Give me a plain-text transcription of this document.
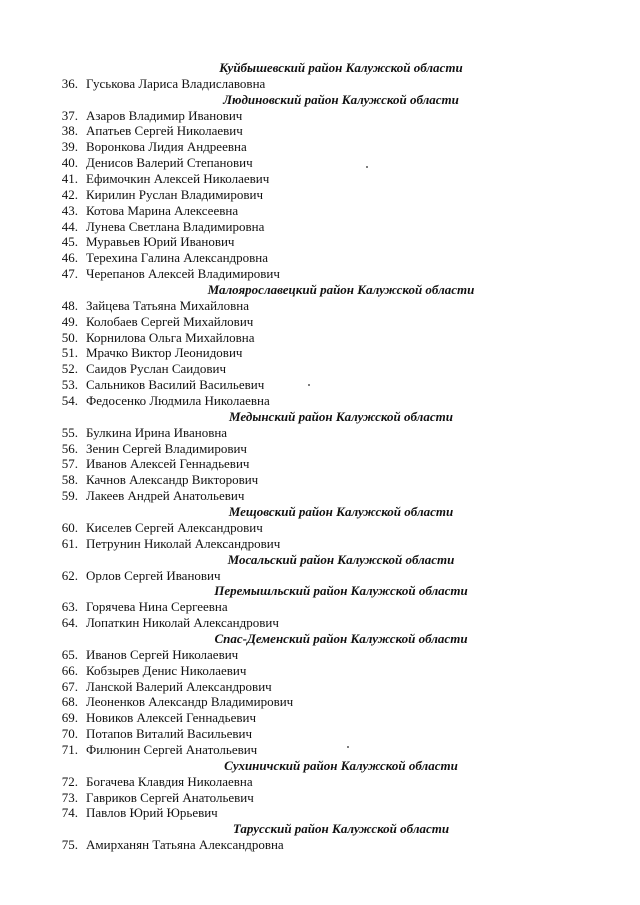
Куйбышевский район Калужской области
36. Гуськова Лариса Владиславовна
Людиновский район Калужской области
37. Азаров Владимир Иванович
38. Апатьев Сергей Николаевич
39. Воронкова Лидия Андреевна
40. Денисов Валерий Степанович
41. Ефимочкин Алексей Николаевич
42. Кирилин Руслан Владимирович
43. Котова Марина Алексеевна
44. Лунева Светлана Владимировна
45. Муравьев Юрий Иванович
46. Терехина Галина Александровна
47. Черепанов Алексей Владимирович
Малоярославецкий район Калужской области
48. Зайцева Татьяна Михайловна
49. Колобаев Сергей Михайлович
50. Корнилова Ольга Михайловна
51. Мрачко Виктор Леонидович
52. Саидов Руслан Саидович
53. Сальников Василий Васильевич
54. Федосенко Людмила Николаевна
Медынский район Калужской области
55. Булкина Ирина Ивановна
56. Зенин Сергей Владимирович
57. Иванов Алексей Геннадьевич
58. Качнов Александр Викторович
59. Лакеев Андрей Анатольевич
Мещовский район Калужской области
60. Киселев Сергей Александрович
61. Петрунин Николай Александрович
Мосальский район Калужской области
62. Орлов Сергей Иванович
Перемышльский район Калужской области
63. Горячева Нина Сергеевна
64. Лопаткин Николай Александрович
Спас-Деменский район Калужской области
65. Иванов Сергей Николаевич
66. Кобзырев Денис Николаевич
67. Ланской Валерий Александрович
68. Леоненков Александр Владимирович
69. Новиков Алексей Геннадьевич
70. Потапов Виталий Васильевич
71. Филюнин Сергей Анатольевич
Сухиничский район Калужской области
72. Богачева Клавдия Николаевна
73. Гавриков Сергей Анатольевич
74. Павлов Юрий Юрьевич
Тарусский район Калужской области
75. Амирханян Татьяна Александровна
